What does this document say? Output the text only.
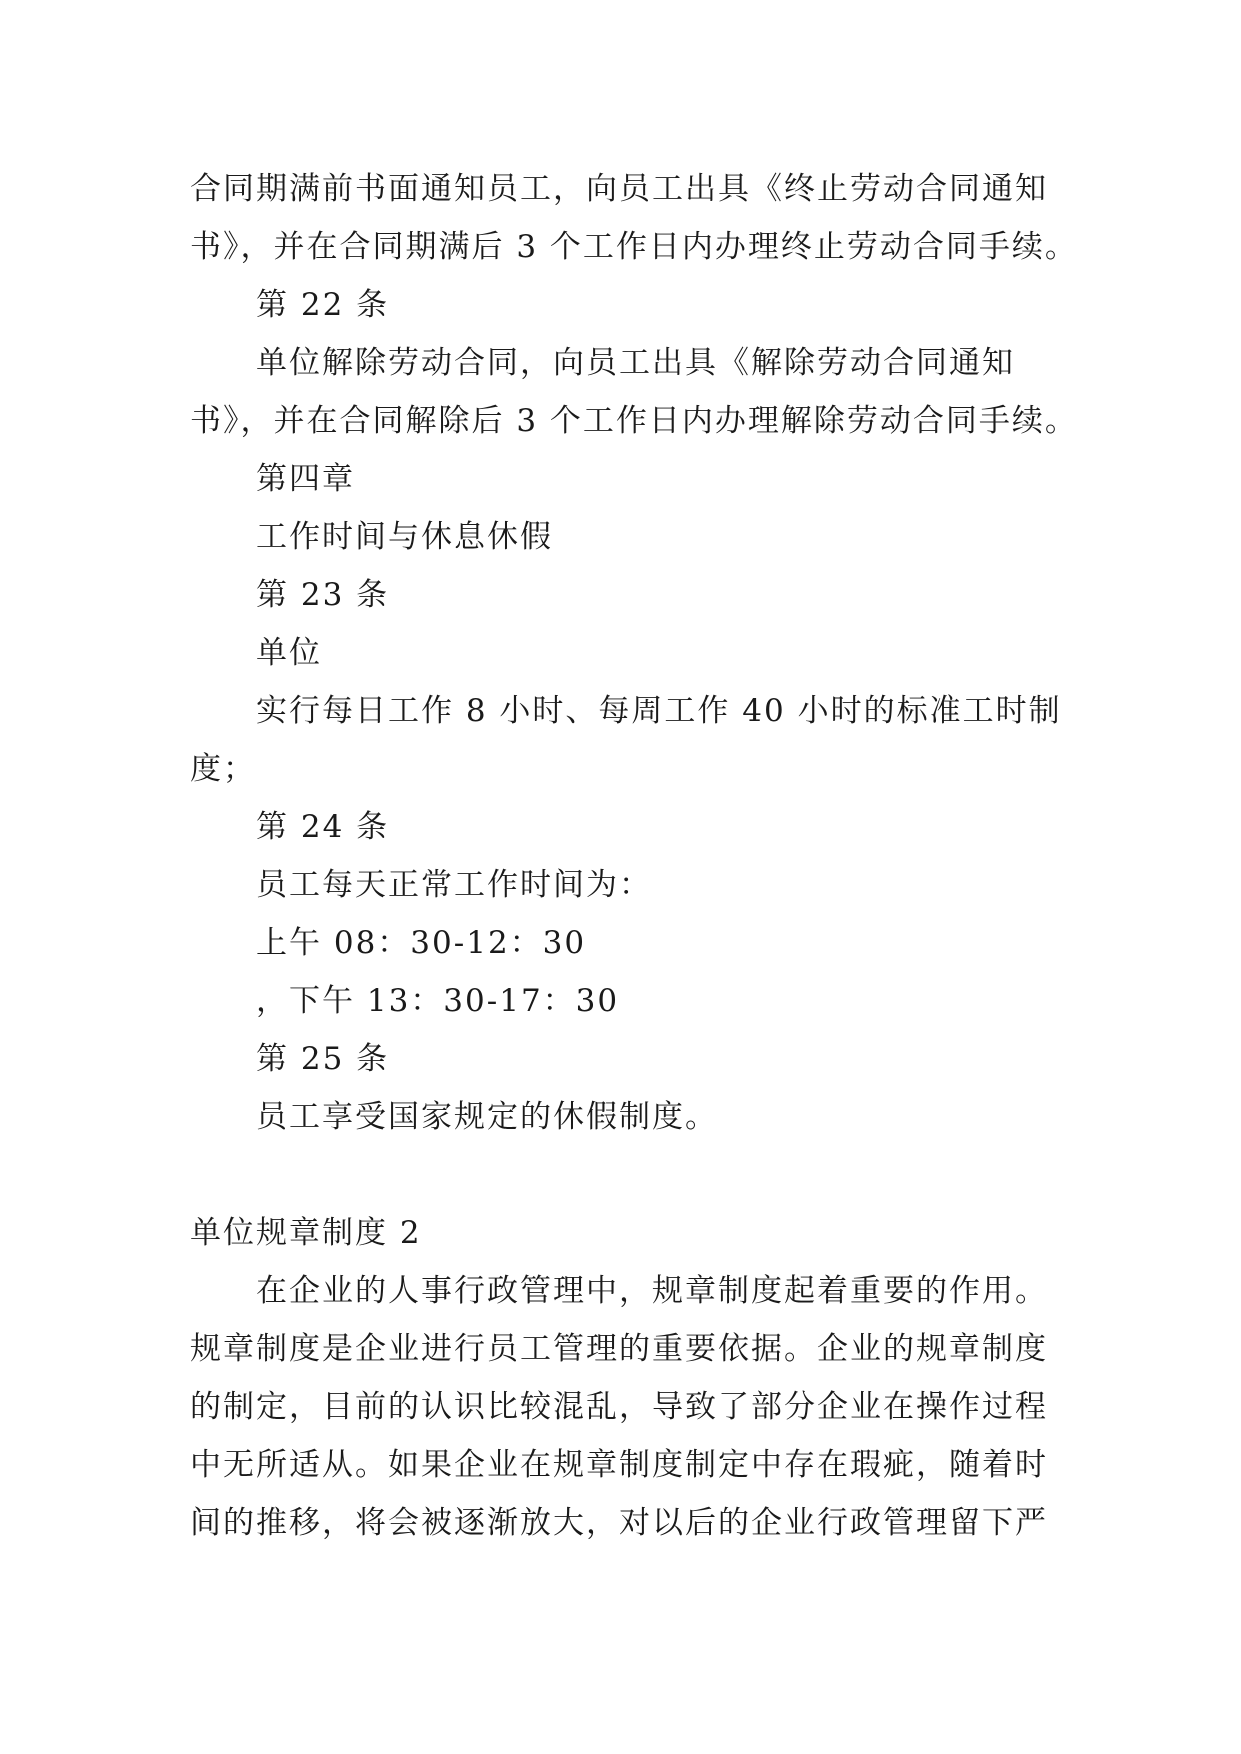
合同期满前书面通知员工，向员工出具《终止劳动合同通知
书》，并在合同期满后 3 个工作日内办理终止劳动合同手续。
第 22 条
单位解除劳动合同，向员工出具《解除劳动合同通知
书》，并在合同解除后 3 个工作日内办理解除劳动合同手续。
第四章
工作时间与休息休假
第 23 条
单位
实行每日工作 8 小时、每周工作 40 小时的标准工时制
度；
第 24 条
员工每天正常工作时间为：
上午 08：30-12：30
，下午 13：30-17：30
第 25 条
员工享受国家规定的休假制度。
单位规章制度 2
在企业的人事行政管理中，规章制度起着重要的作用。
规章制度是企业进行员工管理的重要依据。企业的规章制度
的制定，目前的认识比较混乱，导致了部分企业在操作过程
中无所适从。如果企业在规章制度制定中存在瑕疵，随着时
间的推移，将会被逐渐放大，对以后的企业行政管理留下严
